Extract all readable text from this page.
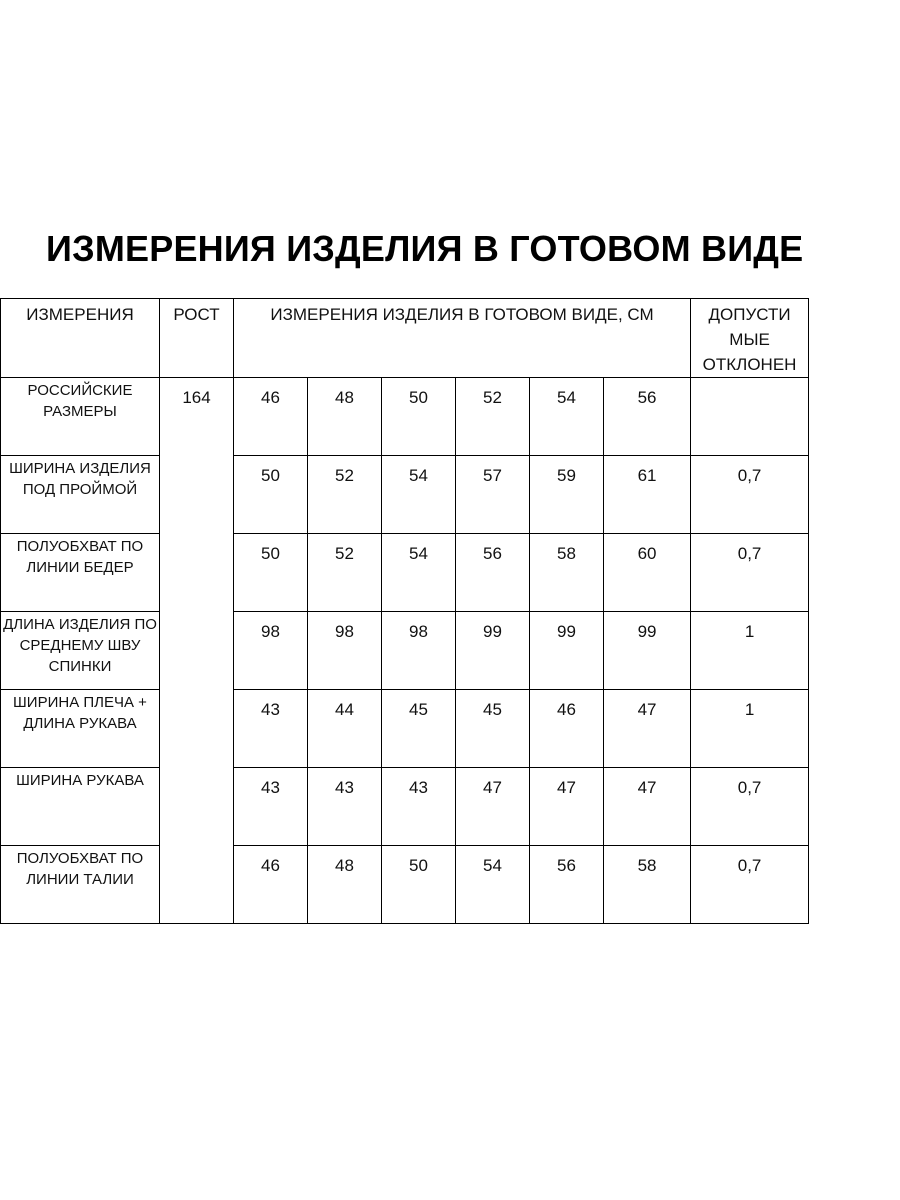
ИЗМЕРЕНИЯ ИЗДЕЛИЯ В ГОТОВОМ ВИДЕ
ИЗМЕРЕНИЯ	РОСТ	ИЗМЕРЕНИЯ ИЗДЕЛИЯ В ГОТОВОМ ВИДЕ, СМ						ДОПУСТИ МЫЕ ОТКЛОНЕН
РОССИЙСКИЕ РАЗМЕРЫ	164	46	48	50	52	54	56	
ШИРИНА ИЗДЕЛИЯ ПОД ПРОЙМОЙ		50	52	54	57	59	61	0,7
ПОЛУОБХВАТ ПО ЛИНИИ БЕДЕР		50	52	54	56	58	60	0,7
ДЛИНА ИЗДЕЛИЯ ПО СРЕДНЕМУ ШВУ СПИНКИ		98	98	98	99	99	99	1
ШИРИНА ПЛЕЧА + ДЛИНА РУКАВА		43	44	45	45	46	47	1
ШИРИНА РУКАВА		43	43	43	47	47	47	0,7
ПОЛУОБХВАТ ПО ЛИНИИ ТАЛИИ		46	48	50	54	56	58	0,7
